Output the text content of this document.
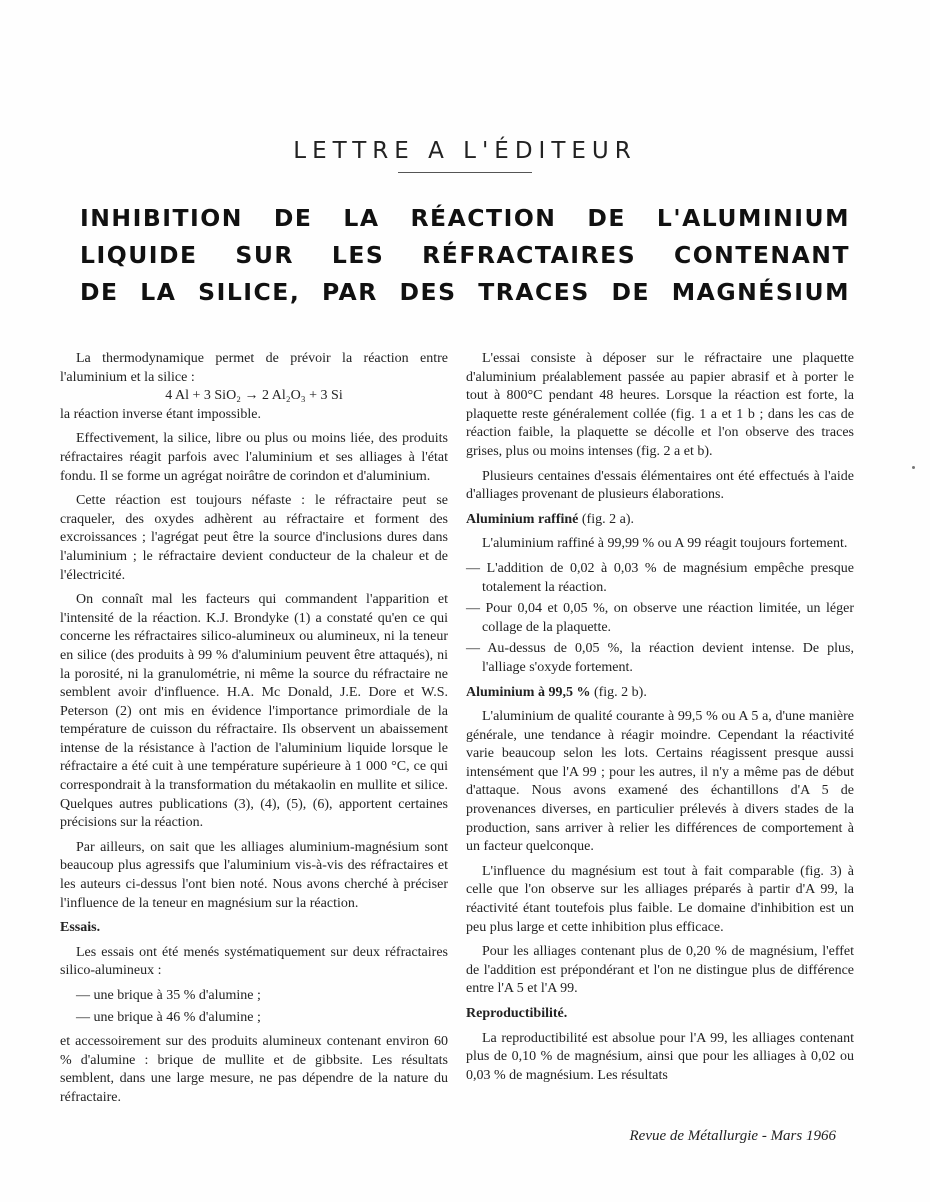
LETTRE A L'ÉDITEUR
INHIBITION DE LA RÉACTION DE L'ALUMINIUM
LIQUIDE SUR LES RÉFRACTAIRES CONTENANT
DE LA SILICE, PAR DES TRACES DE MAGNÉSIUM

La thermodynamique permet de prévoir la réaction entre l'aluminium et la silice :

4 Al + 3 SiO₂ → 2 Al₂O₃ + 3 Si

la réaction inverse étant impossible.

Effectivement, la silice, libre ou plus ou moins liée, des produits réfractaires réagit parfois avec l'aluminium et ses alliages à l'état fondu. Il se forme un agrégat noirâtre de corindon et d'aluminium.

Cette réaction est toujours néfaste : le réfractaire peut se craqueler, des oxydes adhèrent au réfractaire et forment des excroissances ; l'agrégat peut être la source d'inclusions dures dans l'aluminium ; le réfractaire devient conducteur de la chaleur et de l'électricité.

On connaît mal les facteurs qui commandent l'apparition et l'intensité de la réaction. K.J. Brondyke (1) a constaté qu'en ce qui concerne les réfractaires silico-alumineux ou alumineux, ni la teneur en silice (des produits à 99 % d'aluminium peuvent être attaqués), ni la porosité, ni la granulométrie, ni même la source du réfractaire ne semblent avoir d'influence. H.A. Mc Donald, J.E. Dore et W.S. Peterson (2) ont mis en évidence l'importance primordiale de la température de cuisson du réfractaire. Ils observent un abaissement intense de la résistance à l'action de l'aluminium liquide lorsque le réfractaire a été cuit à une température supérieure à 1 000 °C, ce qui correspondrait à la transformation du métakaolin en mullite et silice. Quelques autres publications (3), (4), (5), (6), apportent certaines précisions sur la réaction.

Par ailleurs, on sait que les alliages aluminium-magnésium sont beaucoup plus agressifs que l'aluminium vis-à-vis des réfractaires et les auteurs ci-dessus l'ont bien noté. Nous avons cherché à préciser l'influence de la teneur en magnésium sur la réaction.

Essais.

Les essais ont été menés systématiquement sur deux réfractaires silico-alumineux :

— une brique à 35 % d'alumine ;
— une brique à 46 % d'alumine ;

et accessoirement sur des produits alumineux contenant environ 60 % d'alumine : brique de mullite et de gibbsite. Les résultats semblent, dans une large mesure, ne pas dépendre de la nature du réfractaire.

L'essai consiste à déposer sur le réfractaire une plaquette d'aluminium préalablement passée au papier abrasif et à porter le tout à 800°C pendant 48 heures. Lorsque la réaction est forte, la plaquette reste généralement collée (fig. 1 a et 1 b ; dans les cas de réaction faible, la plaquette se décolle et l'on observe des traces grises, plus ou moins intenses (fig. 2 a et b).

Plusieurs centaines d'essais élémentaires ont été effectués à l'aide d'alliages provenant de plusieurs élaborations.

Aluminium raffiné (fig. 2 a).

L'aluminium raffiné à 99,99 % ou A 99 réagit toujours fortement.

— L'addition de 0,02 à 0,03 % de magnésium empêche presque totalement la réaction.
— Pour 0,04 et 0,05 %, on observe une réaction limitée, un léger collage de la plaquette.
— Au-dessus de 0,05 %, la réaction devient intense. De plus, l'alliage s'oxyde fortement.
Aluminium à 99,5 % (fig. 2 b).

L'aluminium de qualité courante à 99,5 % ou A 5 a, d'une manière générale, une tendance à réagir moindre. Cependant la réactivité varie beaucoup selon les lots. Certains réagissent presque aussi intensément que l'A 99 ; pour les autres, il n'y a même pas de début d'attaque. Nous avons examené des échantillons d'A 5 de provenances diverses, en particulier prélevés à divers stades de la production, sans arriver à relier les différences de comportement à un facteur quelconque.

L'influence du magnésium est tout à fait comparable (fig. 3) à celle que l'on observe sur les alliages préparés à partir d'A 99, la réactivité étant toutefois plus faible. Le domaine d'inhibition est un peu plus large et cette inhibition plus efficace.

Pour les alliages contenant plus de 0,20 % de magnésium, l'effet de l'addition est prépondérant et l'on ne distingue plus de différence entre l'A 5 et l'A 99.

Reproductibilité.

La reproductibilité est absolue pour l'A 99, les alliages contenant plus de 0,10 % de magnésium, ainsi que pour les alliages à 0,02 ou 0,03 % de magnésium. Les résultats

Revue de Métallurgie - Mars 1966
